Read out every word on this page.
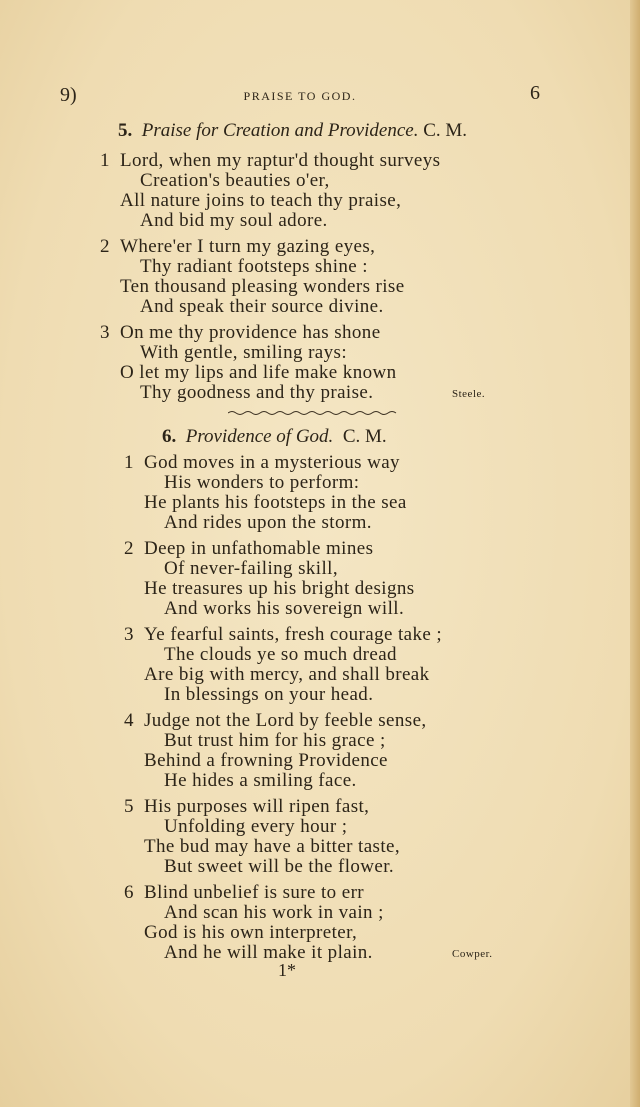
9)	PRAISE TO GOD.	6
5. Praise for Creation and Providence. C. M.
1 Lord, when my raptur'd thought surveys
Creation's beauties o'er,
All nature joins to teach thy praise,
And bid my soul adore.
2 Where'er I turn my gazing eyes,
Thy radiant footsteps shine :
Ten thousand pleasing wonders rise
And speak their source divine.
3 On me thy providence has shone
With gentle, smiling rays:
O let my lips and life make known
Thy goodness and thy praise.	Steele.
6. Providence of God. C. M.
1 God moves in a mysterious way
His wonders to perform:
He plants his footsteps in the sea
And rides upon the storm.
2 Deep in unfathomable mines
Of never-failing skill,
He treasures up his bright designs
And works his sovereign will.
3 Ye fearful saints, fresh courage take ;
The clouds ye so much dread
Are big with mercy, and shall break
In blessings on your head.
4 Judge not the Lord by feeble sense,
But trust him for his grace ;
Behind a frowning Providence
He hides a smiling face.
5 His purposes will ripen fast,
Unfolding every hour ;
The bud may have a bitter taste,
But sweet will be the flower.
6 Blind unbelief is sure to err
And scan his work in vain ;
God is his own interpreter,
And he will make it plain.	Cowper.
1*
